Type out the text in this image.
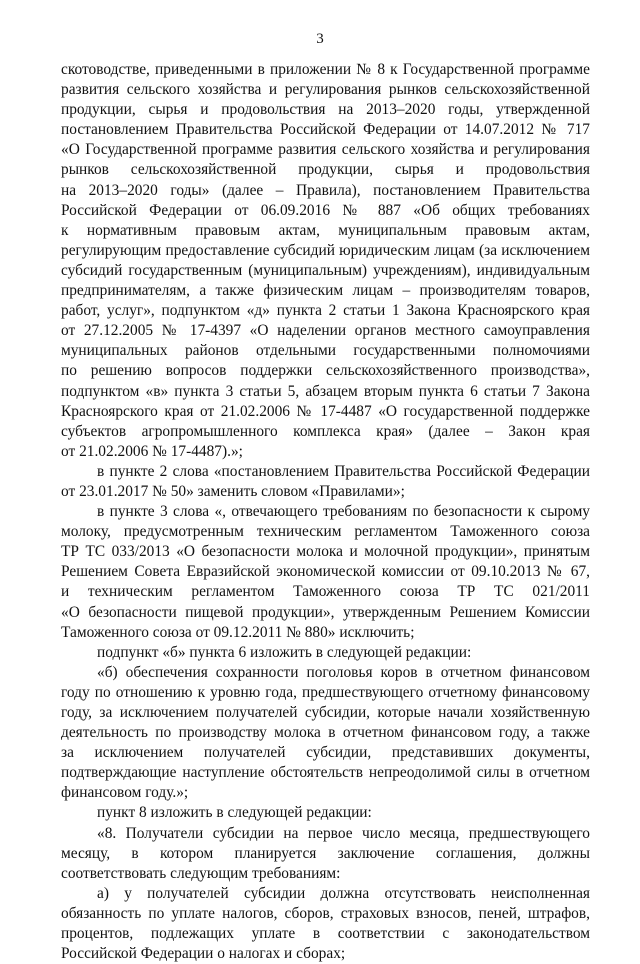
3
скотоводстве, приведенными в приложении № 8 к Государственной программе
развития сельского хозяйства и регулирования рынков сельскохозяйственной
продукции, сырья и продовольствия на 2013–2020 годы, утвержденной
постановлением Правительства Российской Федерации от 14.07.2012 № 717
«О Государственной программе развития сельского хозяйства и регулирования
рынков сельскохозяйственной продукции, сырья и продовольствия
на 2013–2020 годы» (далее – Правила), постановлением Правительства
Российской Федерации от 06.09.2016 № 887 «Об общих требованиях
к нормативным правовым актам, муниципальным правовым актам,
регулирующим предоставление субсидий юридическим лицам (за исключением
субсидий государственным (муниципальным) учреждениям), индивидуальным
предпринимателям, а также физическим лицам – производителям товаров,
работ, услуг», подпунктом «д» пункта 2 статьи 1 Закона Красноярского края
от 27.12.2005 № 17-4397 «О наделении органов местного самоуправления
муниципальных районов отдельными государственными полномочиями
по решению вопросов поддержки сельскохозяйственного производства»,
подпунктом «в» пункта 3 статьи 5, абзацем вторым пункта 6 статьи 7 Закона
Красноярского края от 21.02.2006 № 17-4487 «О государственной поддержке
субъектов агропромышленного комплекса края» (далее – Закон края
от 21.02.2006 № 17-4487).»;
в пункте 2 слова «постановлением Правительства Российской Федерации
от 23.01.2017 № 50» заменить словом «Правилами»;
в пункте 3 слова «, отвечающего требованиям по безопасности к сырому
молоку, предусмотренным техническим регламентом Таможенного союза
ТР ТС 033/2013 «О безопасности молока и молочной продукции», принятым
Решением Совета Евразийской экономической комиссии от 09.10.2013 № 67,
и техническим регламентом Таможенного союза ТР ТС 021/2011
«О безопасности пищевой продукции», утвержденным Решением Комиссии
Таможенного союза от 09.12.2011 № 880» исключить;
подпункт «б» пункта 6 изложить в следующей редакции:
«б) обеспечения сохранности поголовья коров в отчетном финансовом
году по отношению к уровню года, предшествующего отчетному финансовому
году, за исключением получателей субсидии, которые начали хозяйственную
деятельность по производству молока в отчетном финансовом году, а также
за исключением получателей субсидии, представивших документы,
подтверждающие наступление обстоятельств непреодолимой силы в отчетном
финансовом году.»;
пункт 8 изложить в следующей редакции:
«8. Получатели субсидии на первое число месяца, предшествующего
месяцу, в котором планируется заключение соглашения, должны
соответствовать следующим требованиям:
а) у получателей субсидии должна отсутствовать неисполненная
обязанность по уплате налогов, сборов, страховых взносов, пеней, штрафов,
процентов, подлежащих уплате в соответствии с законодательством
Российской Федерации о налогах и сборах;
